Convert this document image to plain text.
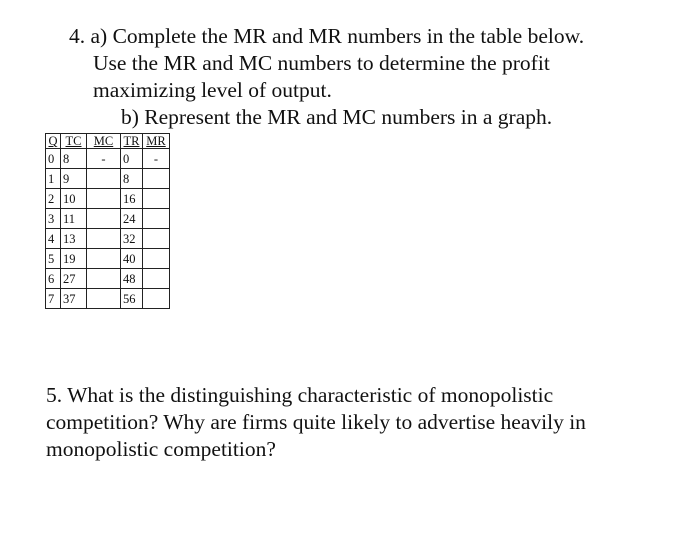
4. a) Complete the MR and MR numbers in the table below.
Use the MR and MC numbers to determine the profit
maximizing level of output.
b) Represent the MR and MC numbers in a graph.
Q	TC	MC	TR	MR
0	8	-	0	-
1	9		8	
2	10		16	
3	11		24	
4	13		32	
5	19		40	
6	27		48	
7	37		56	
5. What is the distinguishing characteristic of monopolistic
competition? Why are firms quite likely to advertise heavily in
monopolistic competition?
